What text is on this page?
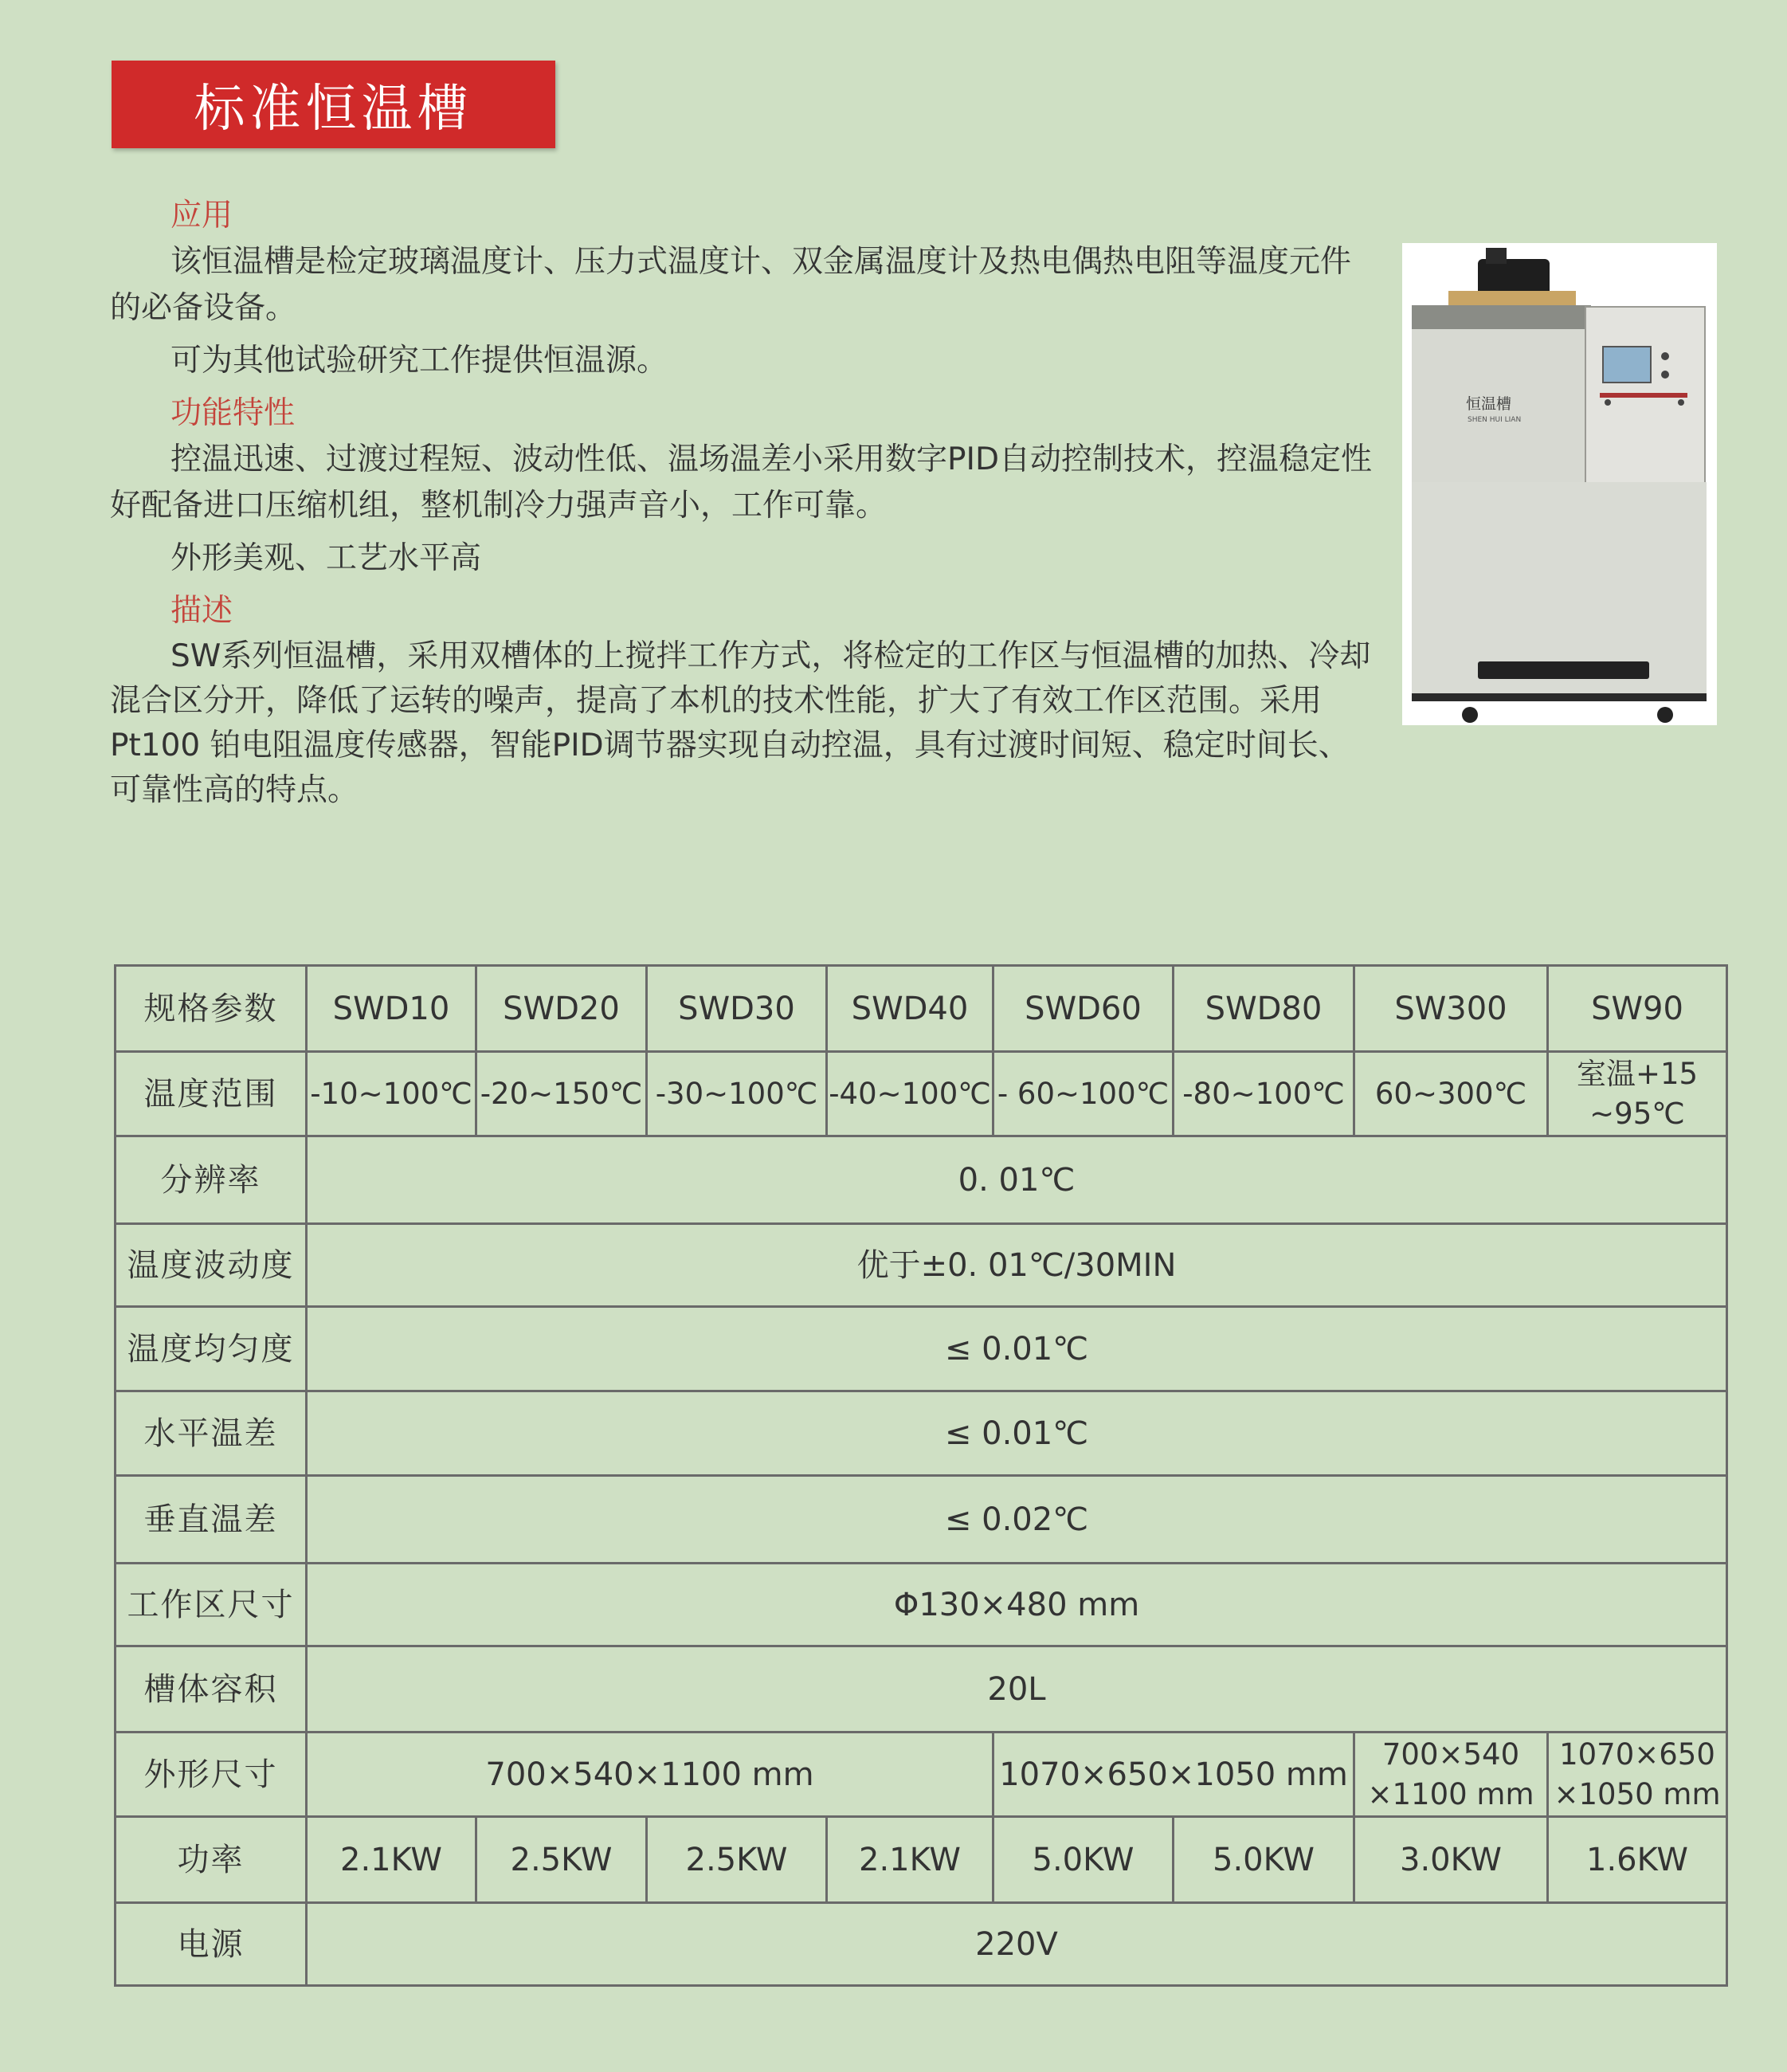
标准恒温槽
应用

该恒温槽是检定玻璃温度计、压力式温度计、双金属温度计及热电偶热电阻等温度元件的必备设备。

可为其他试验研究工作提供恒温源。

功能特性

控温迅速、过渡过程短、波动性低、温场温差小采用数字PID自动控制技术，控温稳定性好配备进口压缩机组，整机制冷力强声音小，工作可靠。

外形美观、工艺水平高

描述

SW系列恒温槽，采用双槽体的上搅拌工作方式，将检定的工作区与恒温槽的加热、冷却混合区分开，降低了运转的噪声，提高了本机的技术性能，扩大了有效工作区范围。采用Pt100 铂电阻温度传感器，智能PID调节器实现自动控温，具有过渡时间短、稳定时间长、可靠性高的特点。

恒温槽
SHEN HUI LIAN
规格参数	SWD10	SWD20	SWD30	SWD40	SWD60	SWD80	SW300	SW90
温度范围	-10~100℃	-20~150℃	-30~100℃	-40~100℃	- 60~100℃	-80~100℃	60~300℃	室温+15 ~95℃
分辨率	0. 01℃							
温度波动度	优于±0. 01℃/30MIN							
温度均匀度	≤ 0.01℃							
水平温差	≤ 0.01℃							
垂直温差	≤ 0.02℃							
工作区尺寸	Φ130×480 mm							
槽体容积	20L							
外形尺寸	700×540×1100 mm				1070×650×1050 mm		700×540 ×1100 mm	1070×650 ×1050 mm
功率	2.1KW	2.5KW	2.5KW	2.1KW	5.0KW	5.0KW	3.0KW	1.6KW
电源	220V							
